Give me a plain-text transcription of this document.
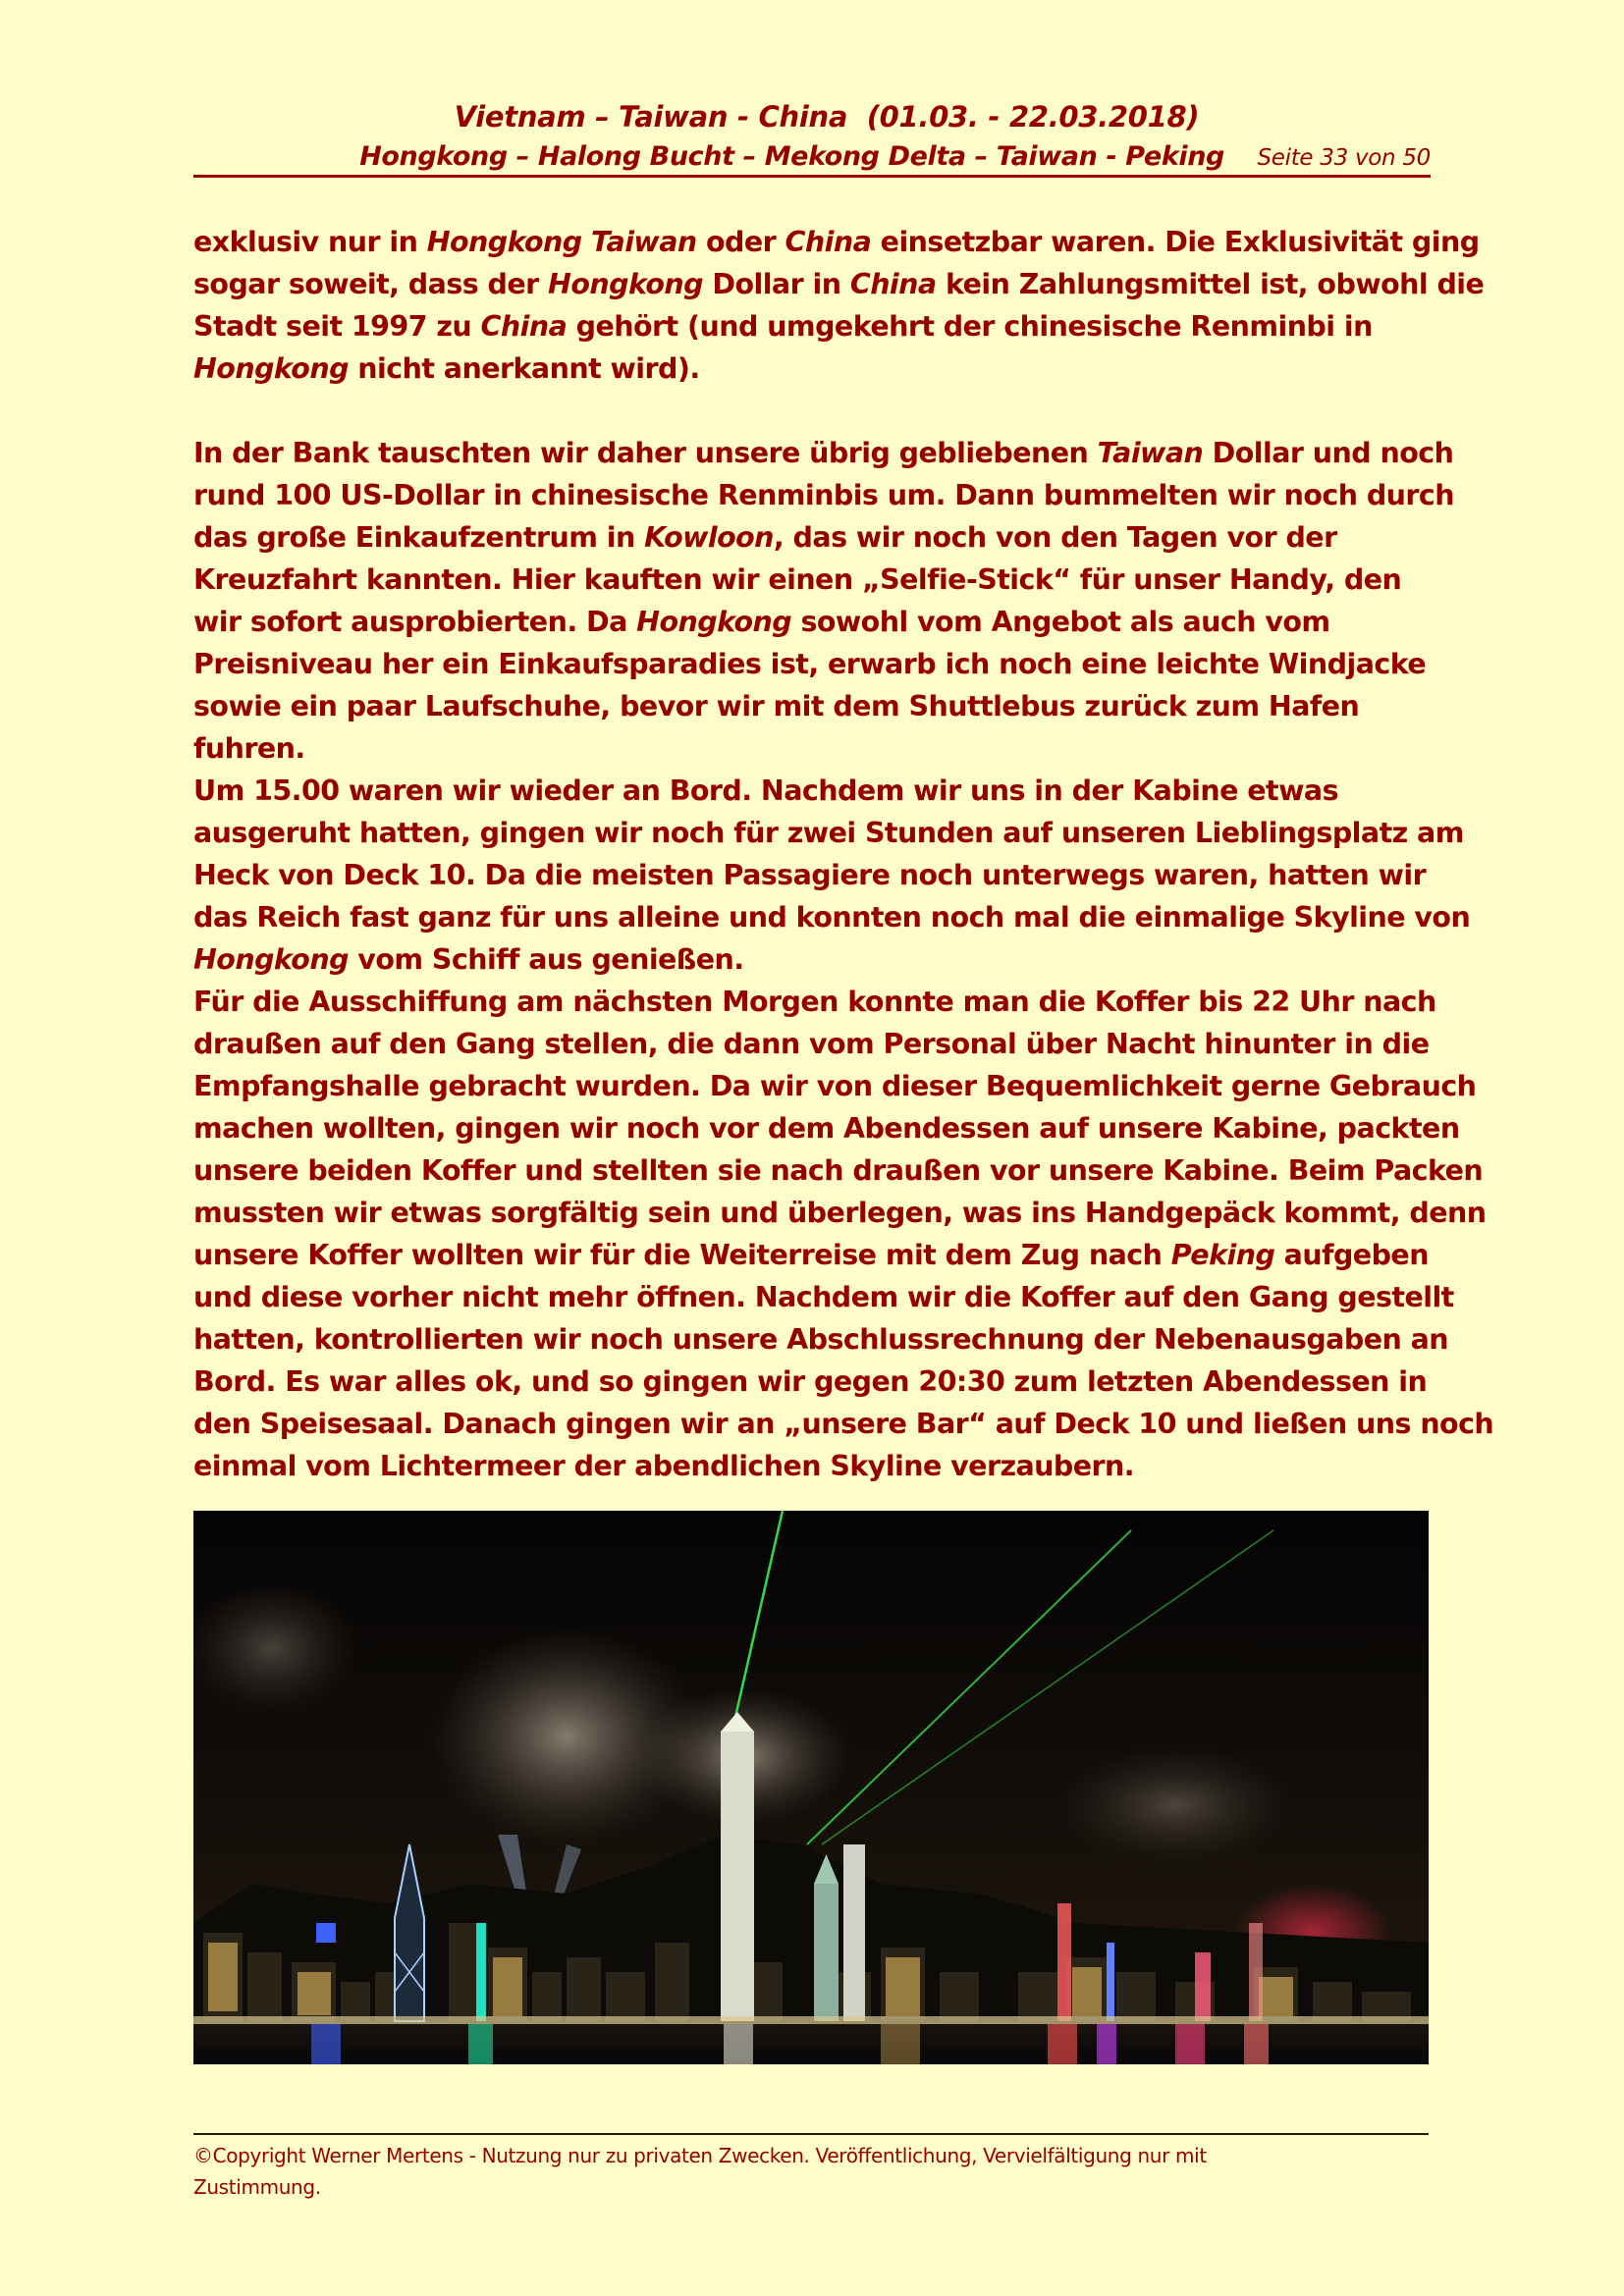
Vietnam – Taiwan - China  (01.03. - 22.03.2018)
Hongkong – Halong Bucht – Mekong Delta – Taiwan - Peking Seite 33 von 50

exklusiv nur in Hongkong Taiwan oder China einsetzbar waren. Die Exklusivität ging
sogar soweit, dass der Hongkong Dollar in China kein Zahlungsmittel ist, obwohl die
Stadt seit 1997 zu China gehört (und umgekehrt der chinesische Renminbi in
Hongkong nicht anerkannt wird).

In der Bank tauschten wir daher unsere übrig gebliebenen Taiwan Dollar und noch
rund 100 US-Dollar in chinesische Renminbis um. Dann bummelten wir noch durch
das große Einkaufzentrum in Kowloon, das wir noch von den Tagen vor der
Kreuzfahrt kannten. Hier kauften wir einen „Selfie-Stick“ für unser Handy, den
wir sofort ausprobierten. Da Hongkong sowohl vom Angebot als auch vom
Preisniveau her ein Einkaufsparadies ist, erwarb ich noch eine leichte Windjacke
sowie ein paar Laufschuhe, bevor wir mit dem Shuttlebus zurück zum Hafen
fuhren.

Um 15.00 waren wir wieder an Bord. Nachdem wir uns in der Kabine etwas
ausgeruht hatten, gingen wir noch für zwei Stunden auf unseren Lieblingsplatz am
Heck von Deck 10. Da die meisten Passagiere noch unterwegs waren, hatten wir
das Reich fast ganz für uns alleine und konnten noch mal die einmalige Skyline von
Hongkong vom Schiff aus genießen.

Für die Ausschiffung am nächsten Morgen konnte man die Koffer bis 22 Uhr nach
draußen auf den Gang stellen, die dann vom Personal über Nacht hinunter in die
Empfangshalle gebracht wurden. Da wir von dieser Bequemlichkeit gerne Gebrauch
machen wollten, gingen wir noch vor dem Abendessen auf unsere Kabine, packten
unsere beiden Koffer und stellten sie nach draußen vor unsere Kabine. Beim Packen
mussten wir etwas sorgfältig sein und überlegen, was ins Handgepäck kommt, denn
unsere Koffer wollten wir für die Weiterreise mit dem Zug nach Peking aufgeben
und diese vorher nicht mehr öffnen. Nachdem wir die Koffer auf den Gang gestellt
hatten, kontrollierten wir noch unsere Abschlussrechnung der Nebenausgaben an
Bord. Es war alles ok, und so gingen wir gegen 20:30 zum letzten Abendessen in
den Speisesaal. Danach gingen wir an „unsere Bar“ auf Deck 10 und ließen uns noch
einmal vom Lichtermeer der abendlichen Skyline verzaubern.

©Copyright Werner Mertens - Nutzung nur zu privaten Zwecken. Veröffentlichung, Vervielfältigung nur mit
Zustimmung.
